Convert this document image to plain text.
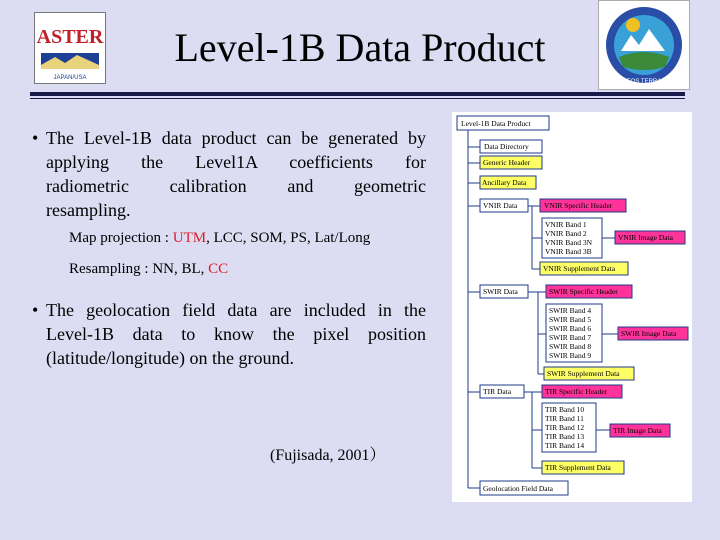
ASTER
JAPAN/USA
EOS TERRA
Level-1B Data Product
• The Level-1B data product can be generated by
applying the Level1A coefficients for
radiometric calibration and geometric
resampling.
Map projection : UTM, LCC, SOM, PS, Lat/Long
Resampling : NN, BL, CC
• The geolocation field data are included in the
Level-1B data to know the pixel position
(latitude/longitude) on the ground.
(Fujisada, 2001）
Level-1B Data Product
Data Directory
Generic Header
Ancillary Data
VNIR Data	VNIR Specific Header
VNIR Band 1
VNIR Band 2
VNIR Band 3N
VNIR Band 3B
VNIR Image Data
VNIR Supplement Data
SWIR Data	SWIR Specific Header
SWIR Band 4
SWIR Band 5
SWIR Band 6
SWIR Band 7
SWIR Band 8
SWIR Band 9
SWIR Image Data
SWIR Supplement Data
TIR Data	TIR Specific Header
TIR Band 10
TIR Band 11
TIR Band 12
TIR Band 13
TIR Band 14
TIR Image Data
TIR Supplement Data
Geolocation Field Data
